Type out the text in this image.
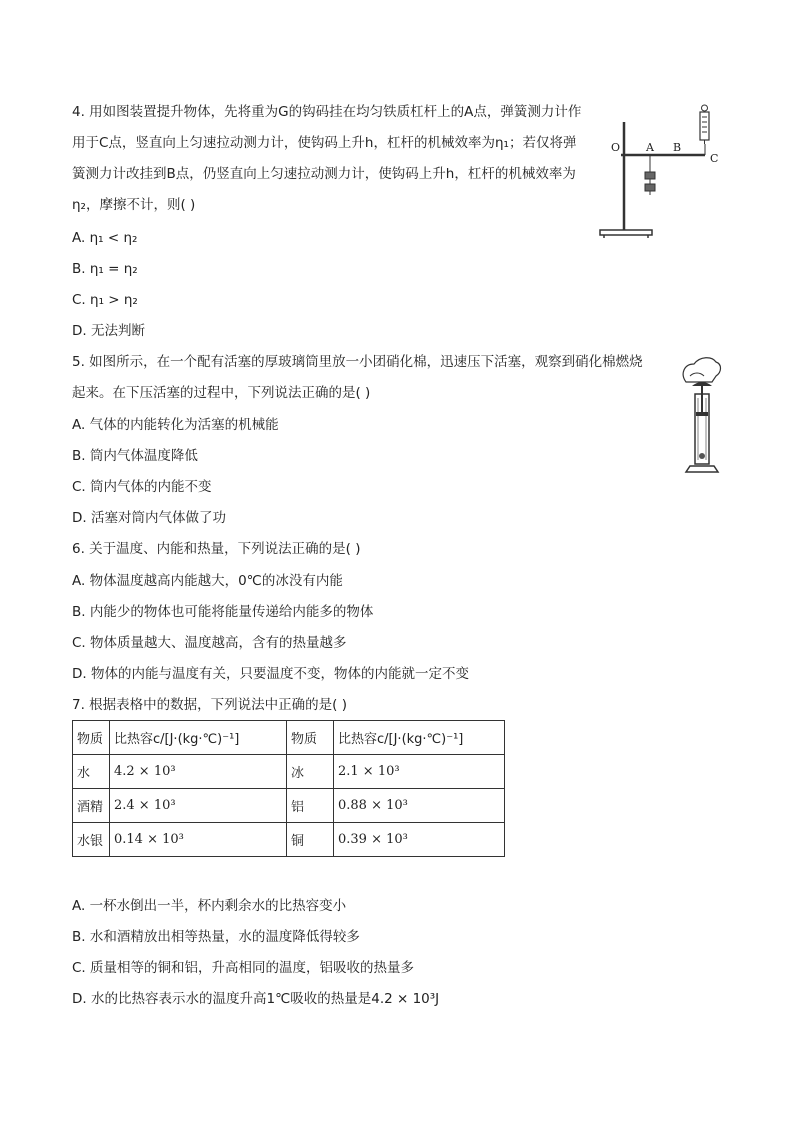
4. 用如图装置提升物体，先将重为G的钩码挂在均匀铁质杠杆上的A点，弹簧测力计作
用于C点，竖直向上匀速拉动测力计，使钩码上升h，杠杆的机械效率为η₁；若仅将弹
簧测力计改挂到B点，仍竖直向上匀速拉动测力计，使钩码上升h，杠杆的机械效率为
η₂，摩擦不计，则( )
A. η₁ < η₂
B. η₁ = η₂
C. η₁ > η₂
D. 无法判断
O A B
C
5. 如图所示，在一个配有活塞的厚玻璃筒里放一小团硝化棉，迅速压下活塞，观察到硝化棉燃烧
起来。在下压活塞的过程中，下列说法正确的是( )
A. 气体的内能转化为活塞的机械能
B. 筒内气体温度降低
C. 筒内气体的内能不变
D. 活塞对筒内气体做了功
6. 关于温度、内能和热量，下列说法正确的是( )
A. 物体温度越高内能越大，0℃的冰没有内能
B. 内能少的物体也可能将能量传递给内能多的物体
C. 物体质量越大、温度越高，含有的热量越多
D. 物体的内能与温度有关，只要温度不变，物体的内能就一定不变
7. 根据表格中的数据，下列说法中正确的是( )
物质	比热容c/[J·(kg·℃)⁻¹]	物质	比热容c/[J·(kg·℃)⁻¹]
水	4.2 × 10³	冰	2.1 × 10³
酒精	2.4 × 10³	铝	0.88 × 10³
水银	0.14 × 10³	铜	0.39 × 10³
A. 一杯水倒出一半，杯内剩余水的比热容变小
B. 水和酒精放出相等热量，水的温度降低得较多
C. 质量相等的铜和铝，升高相同的温度，铝吸收的热量多
D. 水的比热容表示水的温度升高1℃吸收的热量是4.2 × 10³J
